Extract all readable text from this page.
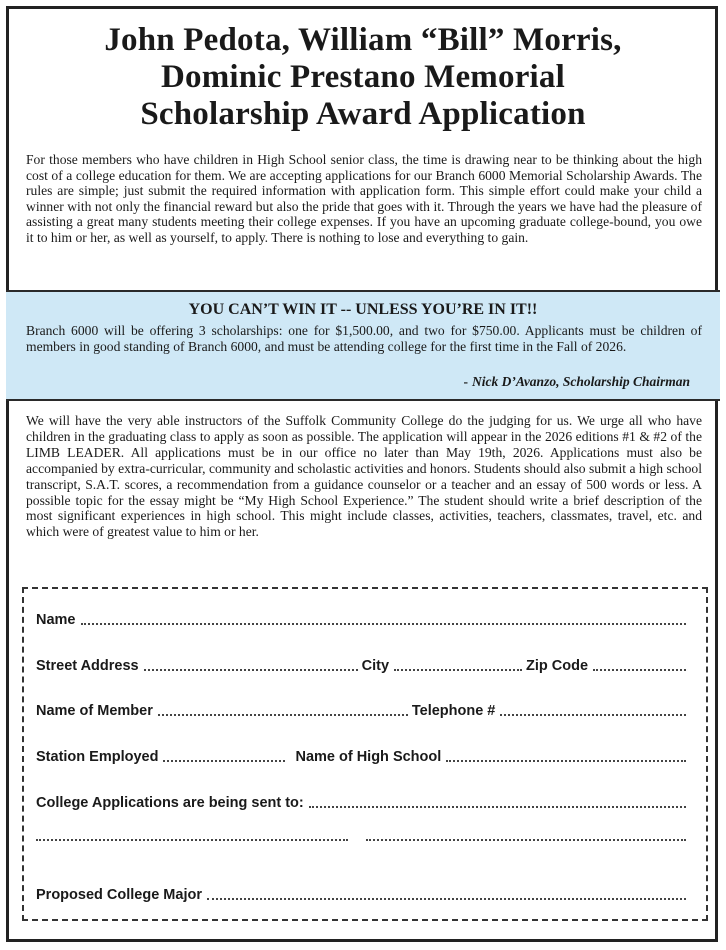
John Pedota, William “Bill” Morris,
Dominic Prestano Memorial
Scholarship Award Application
For those members who have children in High School senior class, the time is drawing near to be thinking about the high cost of a college education for them. We are accepting applications for our Branch 6000 Memorial Scholarship Awards. The rules are simple; just submit the required information with application form. This simple effort could make your child a winner with not only the financial reward but also the pride that goes with it. Through the years we have had the pleasure of assisting a great many students meeting their college expenses. If you have an upcoming graduate college-bound, you owe it to him or her, as well as yourself, to apply. There is nothing to lose and everything to gain.
YOU CAN’T WIN IT -- UNLESS YOU’RE IN IT!!
Branch 6000 will be offering 3 scholarships: one for $1,500.00, and two for $750.00. Applicants must be children of members in good standing of Branch 6000, and must be attending college for the first time in the Fall of 2026.
- Nick D’Avanzo, Scholarship Chairman
We will have the very able instructors of the Suffolk Community College do the judging for us. We urge all who have children in the graduating class to apply as soon as possible. The application will appear in the 2026 editions #1 & #2 of the LIMB LEADER. All applications must be in our office no later than May 19th, 2026. Applications must also be accompanied by extra-curricular, community and scholastic activities and honors. Students should also submit a high school transcript, S.A.T. scores, a recommendation from a guidance counselor or a teacher and an essay of 500 words or less. A possible topic for the essay might be “My High School Experience.” The student should write a brief description of the most significant experiences in high school. This might include classes, activities, teachers, classmates, travel, etc. and which were of greatest value to him or her.
Name
Street Address	City	Zip Code
Name of Member	Telephone #
Station Employed	Name of High School
College Applications are being sent to:
Proposed College Major
